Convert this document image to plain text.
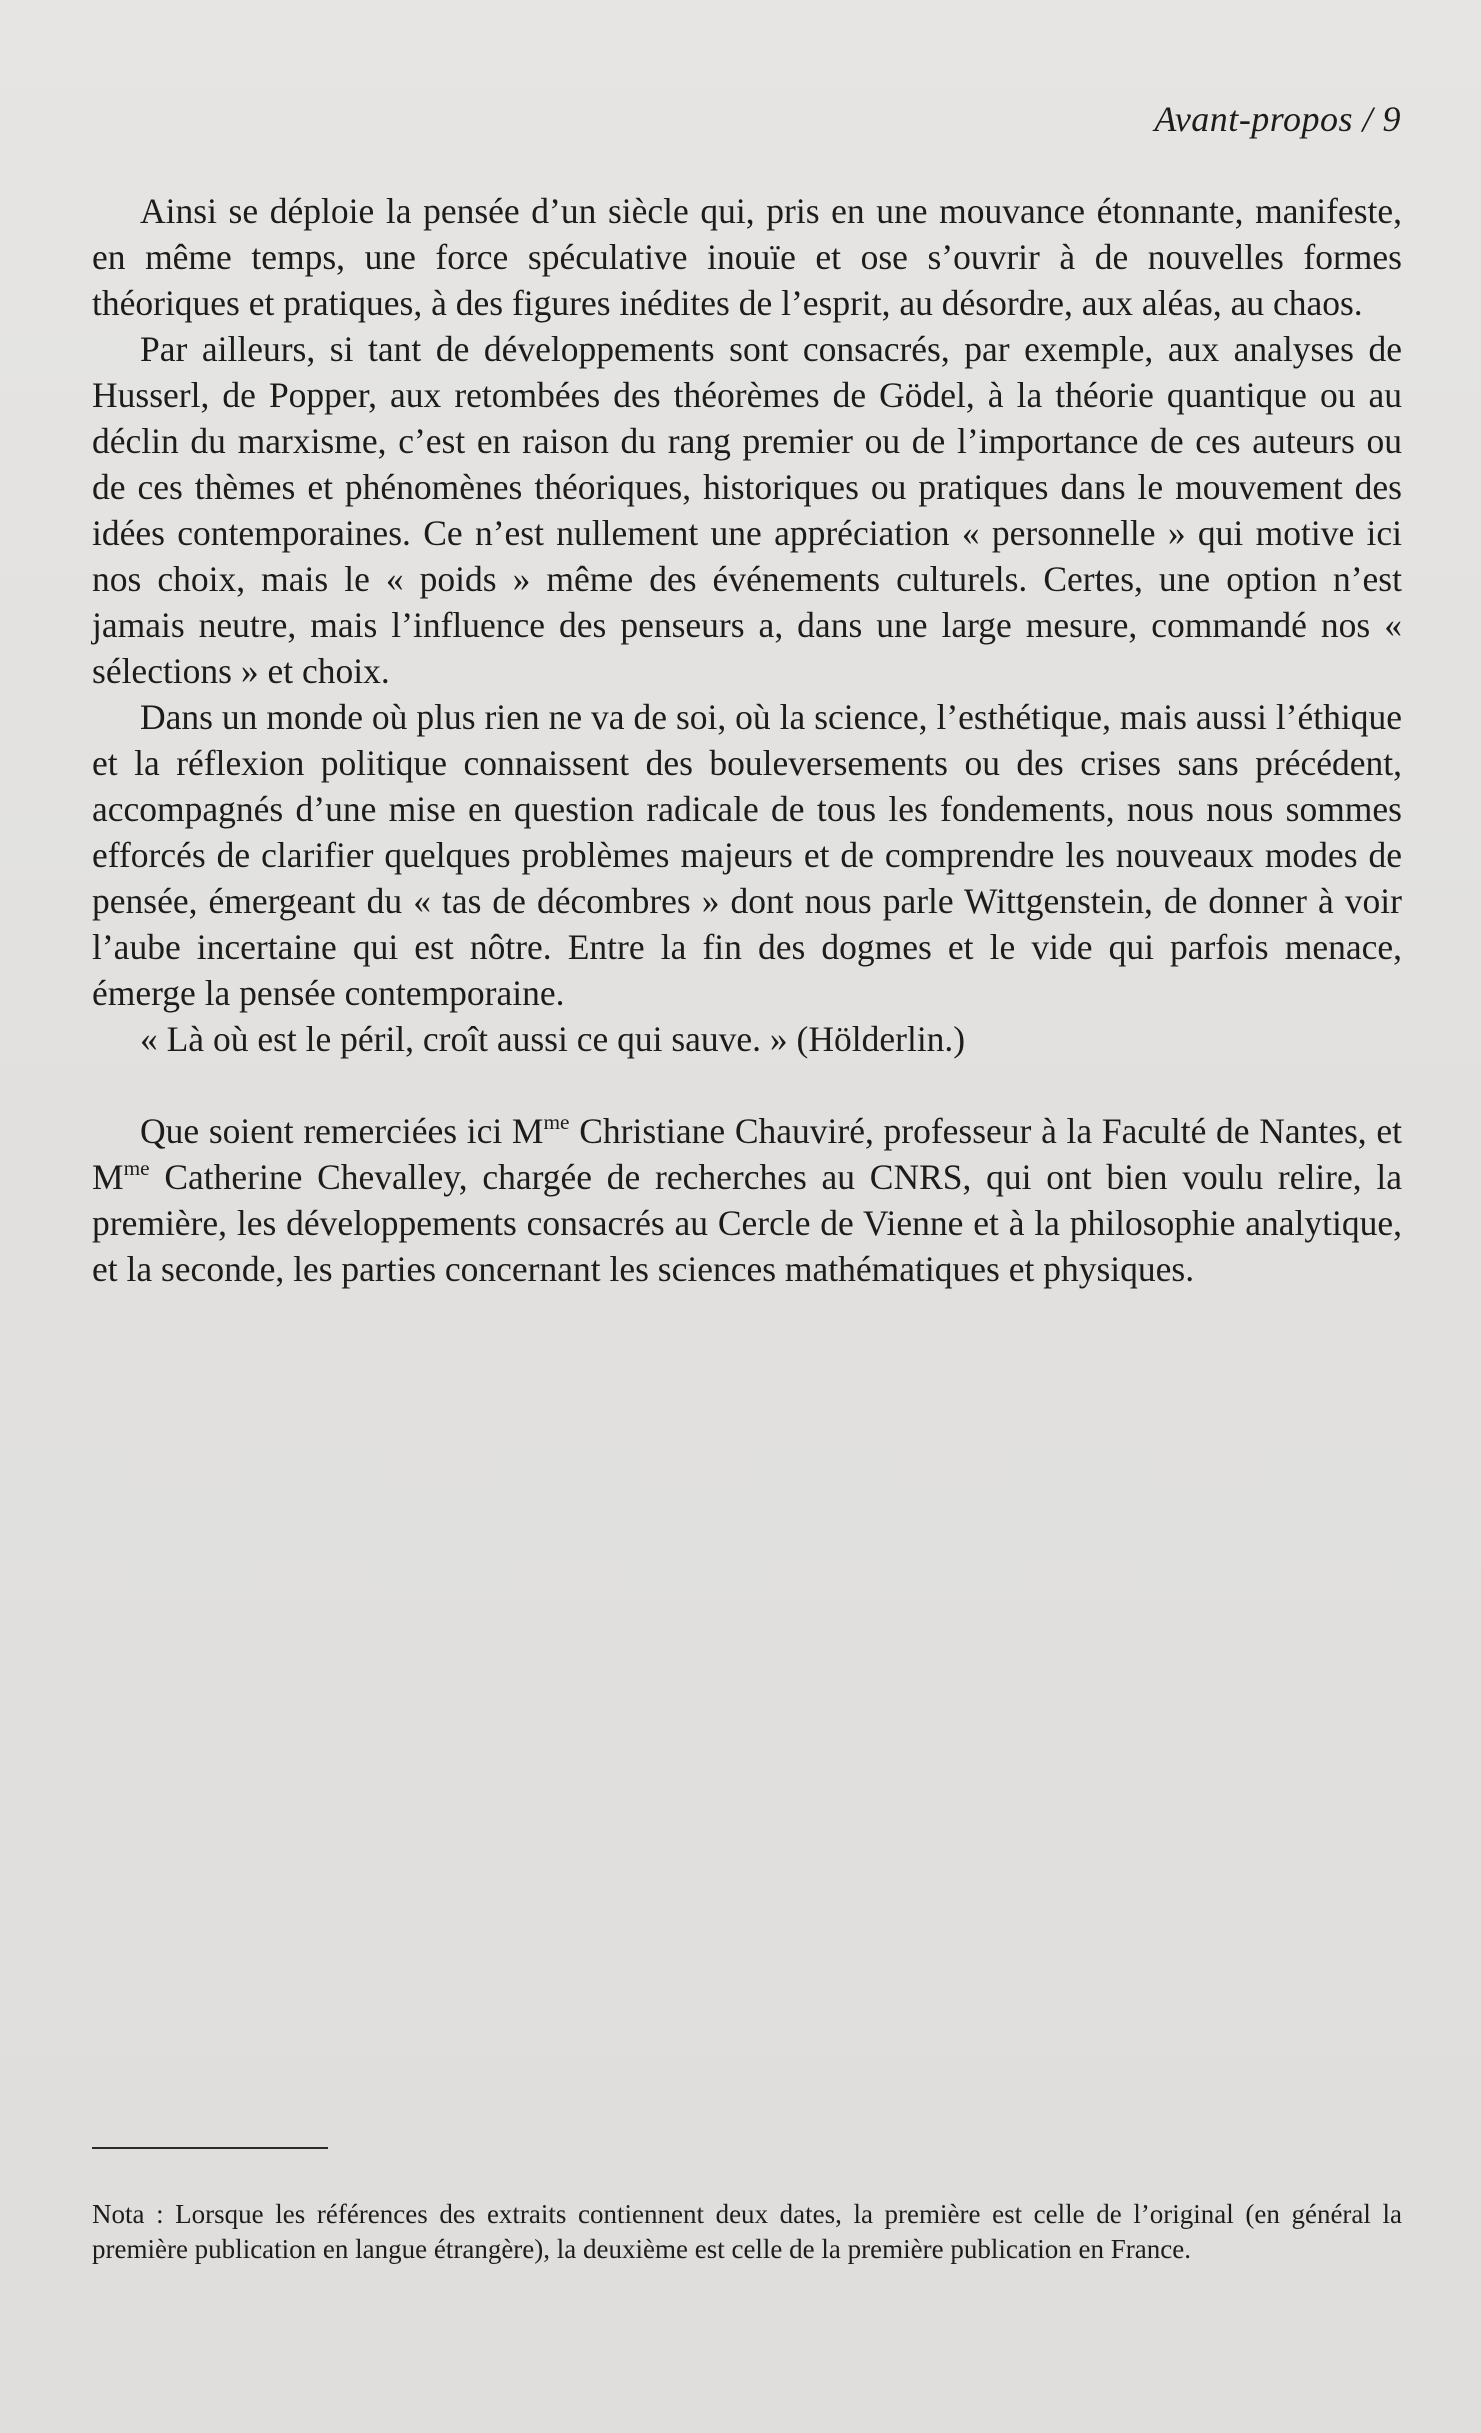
Avant-propos / 9

Ainsi se déploie la pensée d’un siècle qui, pris en une mouvance étonnante, manifeste, en même temps, une force spéculative inouïe et ose s’ouvrir à de nouvelles formes théoriques et pratiques, à des figures inédites de l’esprit, au désordre, aux aléas, au chaos.

Par ailleurs, si tant de développements sont consacrés, par exemple, aux analyses de Husserl, de Popper, aux retombées des théorèmes de Gödel, à la théorie quantique ou au déclin du marxisme, c’est en raison du rang premier ou de l’importance de ces auteurs ou de ces thèmes et phénomènes théoriques, historiques ou pratiques dans le mouvement des idées contemporaines. Ce n’est nullement une appréciation « personnelle » qui motive ici nos choix, mais le « poids » même des événements culturels. Certes, une option n’est jamais neutre, mais l’influence des penseurs a, dans une large mesure, commandé nos « sélections » et choix.

Dans un monde où plus rien ne va de soi, où la science, l’esthétique, mais aussi l’éthique et la réflexion politique connaissent des bouleversements ou des crises sans précédent, accompagnés d’une mise en question radicale de tous les fondements, nous nous sommes efforcés de clarifier quelques problèmes majeurs et de comprendre les nouveaux modes de pensée, émergeant du « tas de décombres » dont nous parle Wittgenstein, de donner à voir l’aube incertaine qui est nôtre. Entre la fin des dogmes et le vide qui parfois menace, émerge la pensée contemporaine.

« Là où est le péril, croît aussi ce qui sauve. » (Hölderlin.)

Que soient remerciées ici $M^{me}$ Christiane Chauviré, professeur à la Faculté de Nantes, et $M^{me}$ Catherine Chevalley, chargée de recherches au CNRS, qui ont bien voulu relire, la première, les développements consacrés au Cercle de Vienne et à la philosophie analytique, et la seconde, les parties concernant les sciences mathématiques et physiques.

Nota : Lorsque les références des extraits contiennent deux dates, la première est celle de l’original (en général la première publication en langue étrangère), la deuxième est celle de la première publication en France.
